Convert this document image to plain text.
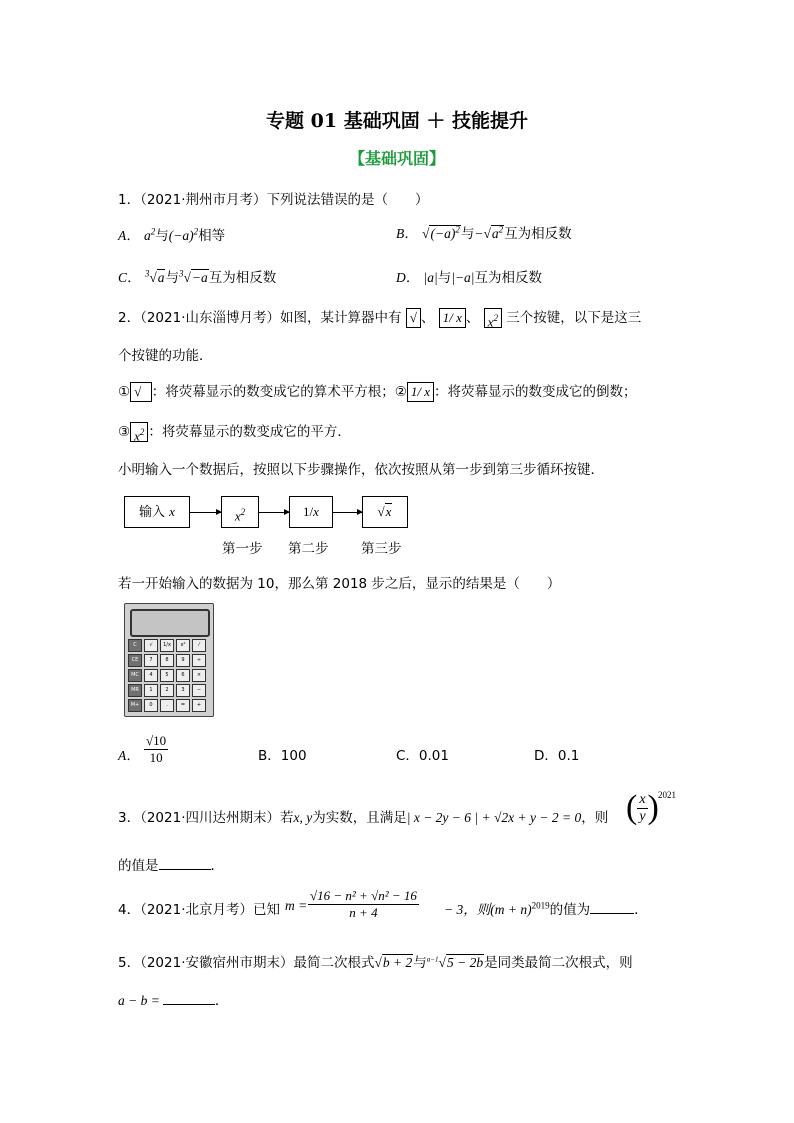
专题 01 基础巩固 ＋ 技能提升
【基础巩固】
1．（2021·荆州市月考）下列说法错误的是（　　）
A． $a^2$与$(-a)^2$相等	B． $√(-a)^2$与$-√a^2$互为相反数
C． $^3$√a与$^3$√−a互为相反数	D． |a|与|−a|互为相反数
2．（2021·山东淄博月考）如图，某计算器中有 √ 、 1/ x 、 $x^2$ 三个按键，以下是这三
个按键的功能．
① √  ：将荧幕显示的数变成它的算术平方根；② 1/ x ：将荧幕显示的数变成它的倒数；
③ $x^2$ ：将荧幕显示的数变成它的平方．
小明输入一个数据后，按照以下步骤操作，依次按照从第一步到第三步循环按键．
输入 x	$x^2$	1/x	√x
第一步 第二步 第三步
若一开始输入的数据为 10，那么第 2018 步之后，显示的结果是（　　）
C	√	1/x	x²	⁄
CE	7	8	9	÷
MC	4	5	6	×
MR	1	2	3	−
M+	0	.	=	+
A． $\frac{√10}{10}$	B．100	C．0.01	D．0.1
3．（2021·四川达州期末）若x, y为实数，且满足| x − 2y − 6 | + √2x + y − 2 = 0，则 ( $\frac{x}{y}$ ) 2021
的值是	．
4．（2021·北京月考）已知 $m = \frac{\text{√16 − n² + √n² − 16}}{n + 4} - 3$，则$(m + n)^{2019}$的值为	．
5．（2021·安徽宿州市期末）最简二次根式√b + 2与$^{a-1}$√5 − 2b是同类最简二次根式，则
a − b =	．
